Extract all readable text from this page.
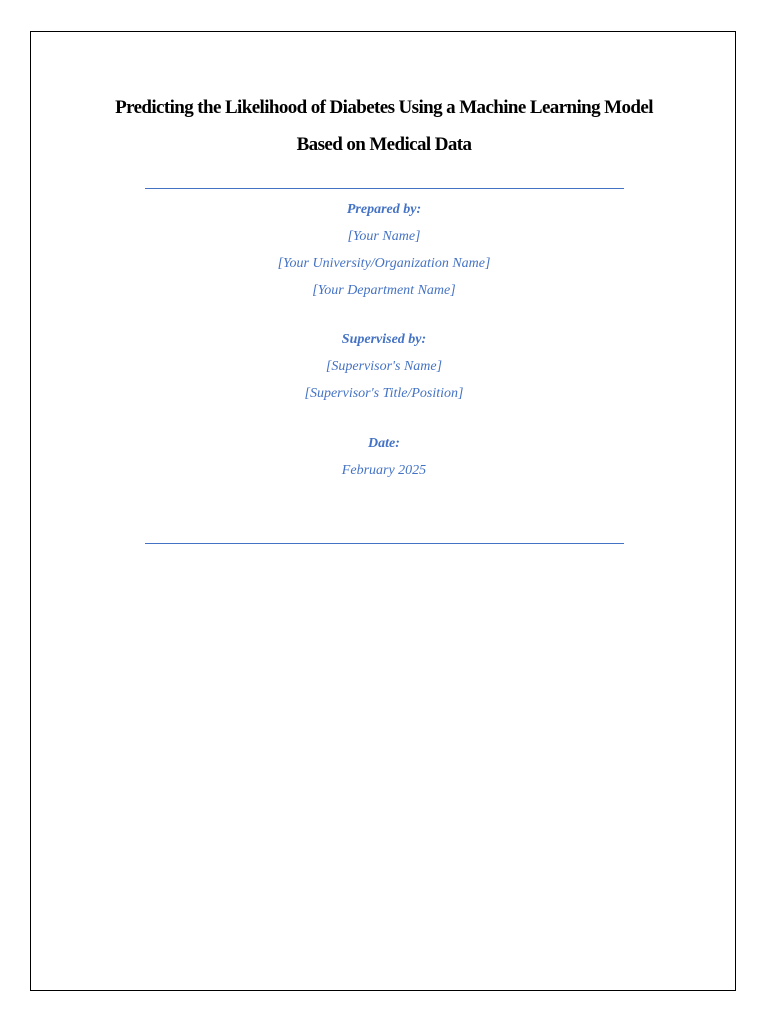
Predicting the Likelihood of Diabetes Using a Machine Learning Model
Based on Medical Data
Prepared by:
[Your Name]
[Your University/Organization Name]
[Your Department Name]
Supervised by:
[Supervisor's Name]
[Supervisor's Title/Position]
Date:
February 2025
